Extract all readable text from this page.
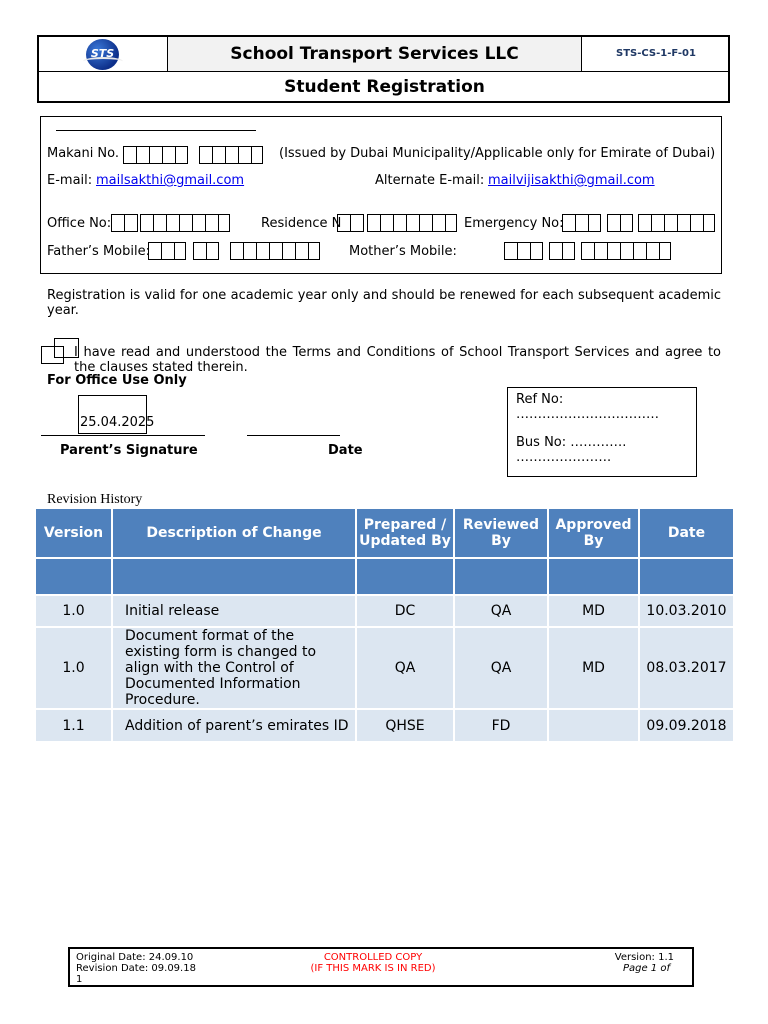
STS	School Transport Services LLC	STS-CS-1-F-01
Student Registration
Makani No.	(Issued by Dubai Municipality/Applicable only for Emirate of Dubai)
E-mail: mailsakthi@gmail.com	Alternate E-mail: mailvijisakthi@gmail.com
Office No:	Residence N	Emergency No:
Father’s Mobile:	Mother’s Mobile:
Registration is valid for one academic year only and should be renewed for each subsequent academic year.
I have read and understood the Terms and Conditions of School Transport Services and agree to the clauses stated therein.
For Office Use Only
25.04.2025
Parent’s Signature	Date
Ref No:
……………………………
Bus No: ………….
………………….
Revision History
Version	Description of Change	Prepared / Updated By	Reviewed By	Approved By	Date

1.0	Initial release	DC	QA	MD	10.03.2010
1.0	Document format of the existing form is changed to align with the Control of Documented Information Procedure.	QA	QA	MD	08.03.2017
1.1	Addition of parent’s emirates ID	QHSE	FD		09.09.2018
Original Date: 24.09.10
Revision Date: 09.09.18
1
CONTROLLED COPY
(IF THIS MARK IS IN RED)
Version: 1.1
Page 1 of
